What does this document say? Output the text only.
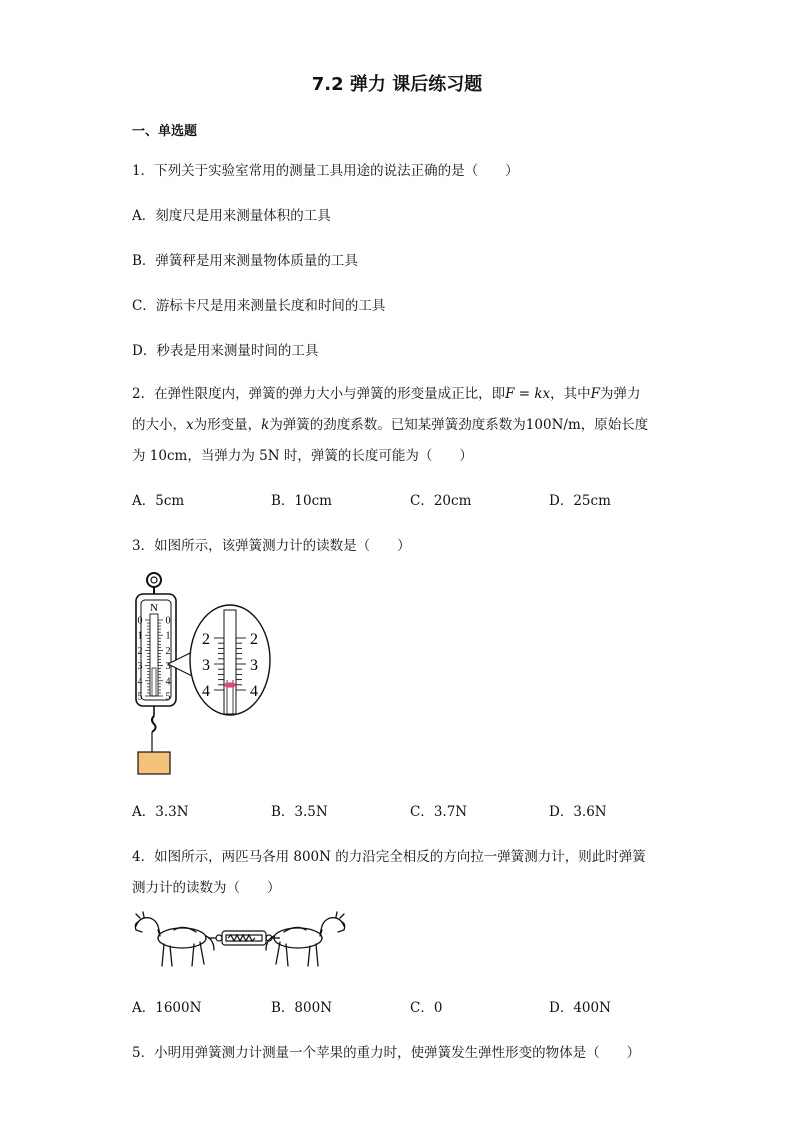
7.2 弹力 课后练习题
一、单选题
1．下列关于实验室常用的测量工具用途的说法正确的是（　　）
A．刻度尺是用来测量体积的工具
B．弹簧秤是用来测量物体质量的工具
C．游标卡尺是用来测量长度和时间的工具
D．秒表是用来测量时间的工具
2．在弹性限度内，弹簧的弹力大小与弹簧的形变量成正比，即F = kx，其中F为弹力
的大小，x为形变量，k为弹簧的劲度系数。已知某弹簧劲度系数为100N/m，原始长度
为 10cm，当弹力为 5N 时，弹簧的长度可能为（　　）
A．5cm	B．10cm	C．20cm	D．25cm
3．如图所示，该弹簧测力计的读数是（　　）
N
0 0
1 1
2 2
3 3
4 4
5 5
2	2
3	3
4	4
A．3.3N	B．3.5N	C．3.7N	D．3.6N
4．如图所示，两匹马各用 800N 的力沿完全相反的方向拉一弹簧测力计，则此时弹簧
测力计的读数为（　　）
A．1600N	B．800N	C．0	D．400N
5．小明用弹簧测力计测量一个苹果的重力时，使弹簧发生弹性形变的物体是（　　）
